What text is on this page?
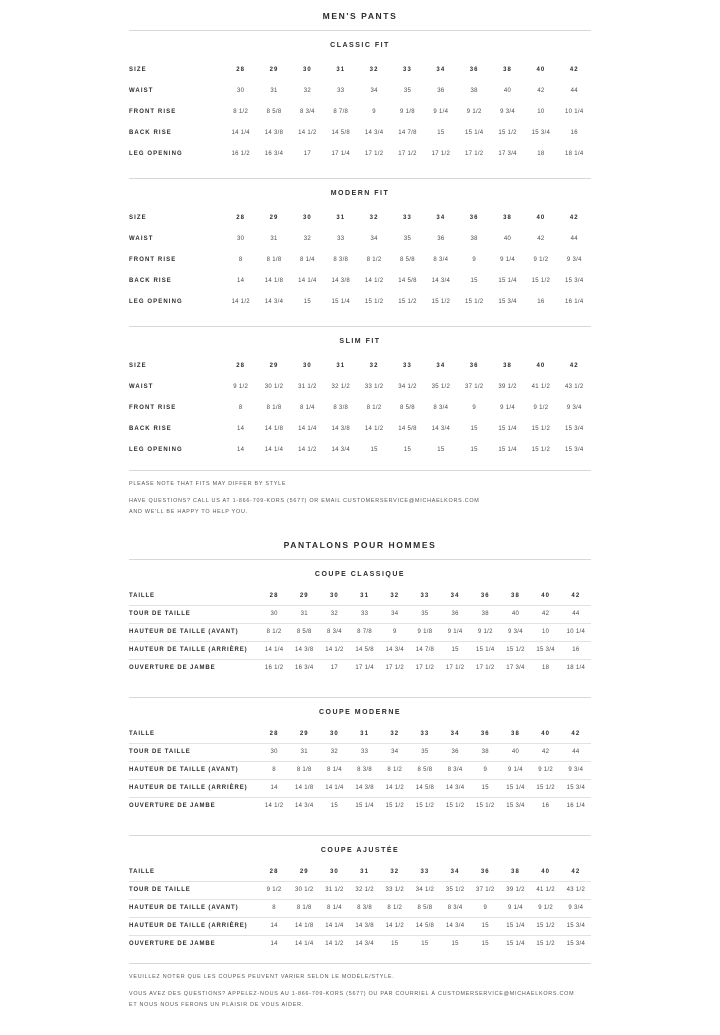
MEN'S PANTS
CLASSIC FIT
SIZE	28	29	30	31	32	33	34	36	38	40	42
WAIST	30	31	32	33	34	35	36	38	40	42	44
FRONT RISE	8 1/2	8 5/8	8 3/4	8 7/8	9	9 1/8	9 1/4	9 1/2	9 3/4	10	10 1/4
BACK RISE	14 1/4	14 3/8	14 1/2	14 5/8	14 3/4	14 7/8	15	15 1/4	15 1/2	15 3/4	16
LEG OPENING	16 1/2	16 3/4	17	17 1/4	17 1/2	17 1/2	17 1/2	17 1/2	17 3/4	18	18 1/4
MODERN FIT
SIZE	28	29	30	31	32	33	34	36	38	40	42
WAIST	30	31	32	33	34	35	36	38	40	42	44
FRONT RISE	8	8 1/8	8 1/4	8 3/8	8 1/2	8 5/8	8 3/4	9	9 1/4	9 1/2	9 3/4
BACK RISE	14	14 1/8	14 1/4	14 3/8	14 1/2	14 5/8	14 3/4	15	15 1/4	15 1/2	15 3/4
LEG OPENING	14 1/2	14 3/4	15	15 1/4	15 1/2	15 1/2	15 1/2	15 1/2	15 3/4	16	16 1/4
SLIM FIT
SIZE	28	29	30	31	32	33	34	36	38	40	42
WAIST	9 1/2	30 1/2	31 1/2	32 1/2	33 1/2	34 1/2	35 1/2	37 1/2	39 1/2	41 1/2	43 1/2
FRONT RISE	8	8 1/8	8 1/4	8 3/8	8 1/2	8 5/8	8 3/4	9	9 1/4	9 1/2	9 3/4
BACK RISE	14	14 1/8	14 1/4	14 3/8	14 1/2	14 5/8	14 3/4	15	15 1/4	15 1/2	15 3/4
LEG OPENING	14	14 1/4	14 1/2	14 3/4	15	15	15	15	15 1/4	15 1/2	15 3/4

PLEASE NOTE THAT FITS MAY DIFFER BY STYLE

HAVE QUESTIONS? CALL US AT 1-866-709-KORS (5677) OR EMAIL CUSTOMERSERVICE@MICHAELKORS.COM

AND WE'LL BE HAPPY TO HELP YOU.

PANTALONS POUR HOMMES
COUPE CLASSIQUE
TAILLE	28	29	30	31	32	33	34	36	38	40	42
TOUR DE TAILLE	30	31	32	33	34	35	36	38	40	42	44
HAUTEUR DE TAILLE (AVANT)	8 1/2	8 5/8	8 3/4	8 7/8	9	9 1/8	9 1/4	9 1/2	9 3/4	10	10 1/4
HAUTEUR DE TAILLE (ARRIÈRE)	14 1/4	14 3/8	14 1/2	14 5/8	14 3/4	14 7/8	15	15 1/4	15 1/2	15 3/4	16
OUVERTURE DE JAMBE	16 1/2	16 3/4	17	17 1/4	17 1/2	17 1/2	17 1/2	17 1/2	17 3/4	18	18 1/4
COUPE MODERNE
TAILLE	28	29	30	31	32	33	34	36	38	40	42
TOUR DE TAILLE	30	31	32	33	34	35	36	38	40	42	44
HAUTEUR DE TAILLE (AVANT)	8	8 1/8	8 1/4	8 3/8	8 1/2	8 5/8	8 3/4	9	9 1/4	9 1/2	9 3/4
HAUTEUR DE TAILLE (ARRIÈRE)	14	14 1/8	14 1/4	14 3/8	14 1/2	14 5/8	14 3/4	15	15 1/4	15 1/2	15 3/4
OUVERTURE DE JAMBE	14 1/2	14 3/4	15	15 1/4	15 1/2	15 1/2	15 1/2	15 1/2	15 3/4	16	16 1/4
COUPE AJUSTÉE
TAILLE	28	29	30	31	32	33	34	36	38	40	42
TOUR DE TAILLE	9 1/2	30 1/2	31 1/2	32 1/2	33 1/2	34 1/2	35 1/2	37 1/2	39 1/2	41 1/2	43 1/2
HAUTEUR DE TAILLE (AVANT)	8	8 1/8	8 1/4	8 3/8	8 1/2	8 5/8	8 3/4	9	9 1/4	9 1/2	9 3/4
HAUTEUR DE TAILLE (ARRIÈRE)	14	14 1/8	14 1/4	14 3/8	14 1/2	14 5/8	14 3/4	15	15 1/4	15 1/2	15 3/4
OUVERTURE DE JAMBE	14	14 1/4	14 1/2	14 3/4	15	15	15	15	15 1/4	15 1/2	15 3/4

VEUILLEZ NOTER QUE LES COUPES PEUVENT VARIER SELON LE MODÈLE/STYLE.

VOUS AVEZ DES QUESTIONS? APPELEZ-NOUS AU 1-866-709-KORS (5677) OU PAR COURRIEL À CUSTOMERSERVICE@MICHAELKORS.COM

ET NOUS NOUS FERONS UN PLAISIR DE VOUS AIDER.
